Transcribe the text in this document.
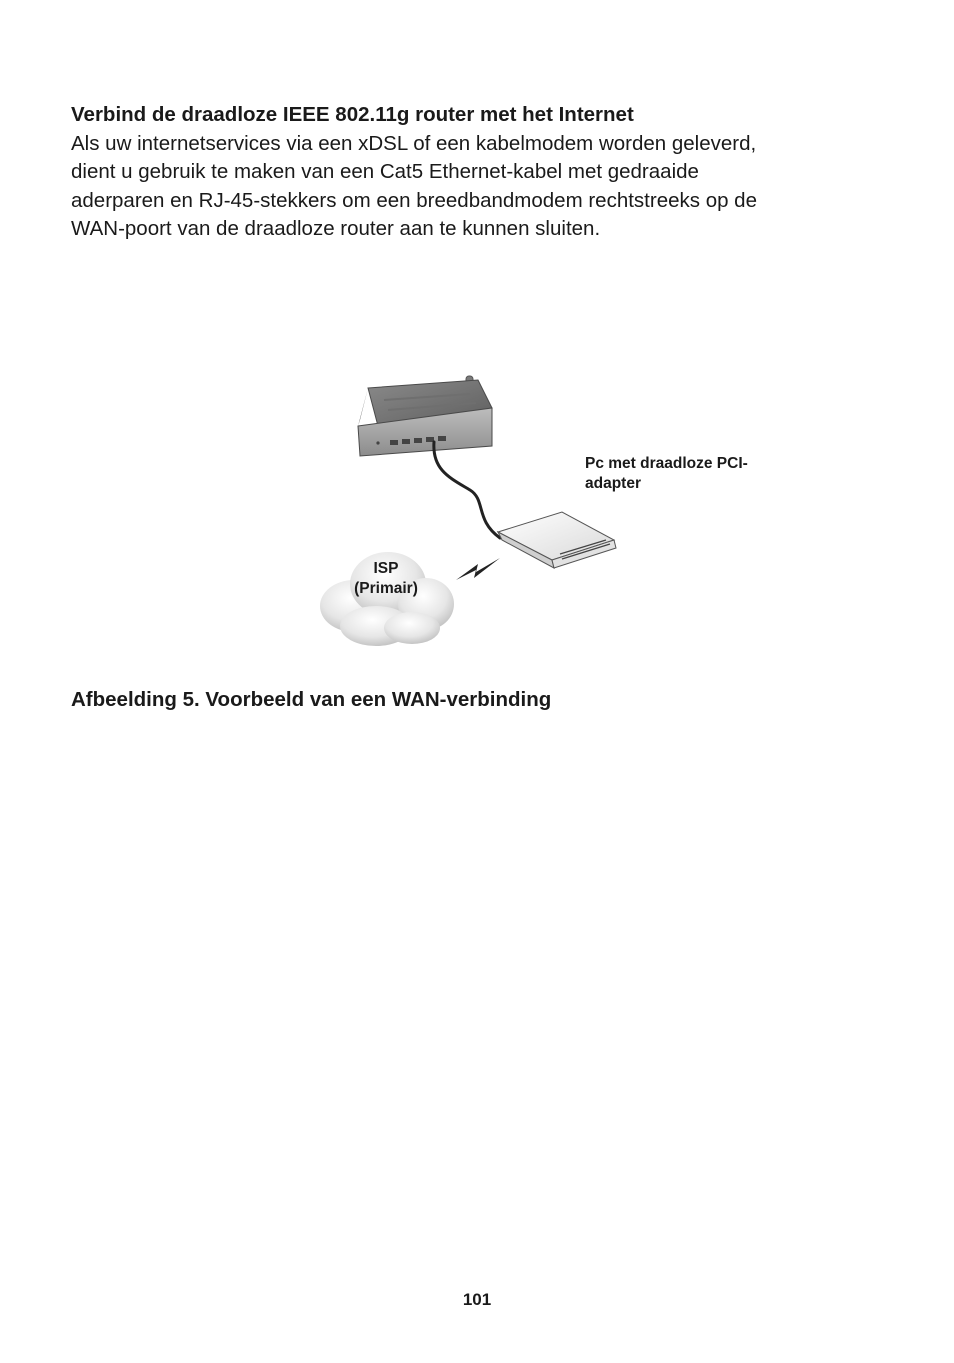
Verbind de draadloze IEEE 802.11g router met het Internet

Als uw internetservices via een xDSL of een kabelmodem worden geleverd,
dient u gebruik te maken van een Cat5 Ethernet-kabel met gedraaide
aderparen en RJ-45-stekkers om een breedbandmodem rechtstreeks op de
WAN-poort van de draadloze router aan te kunnen sluiten.

Pc met draadloze PCI-
adapter
ISP
(Primair)

Afbeelding 5. Voorbeeld van een WAN-verbinding

101
